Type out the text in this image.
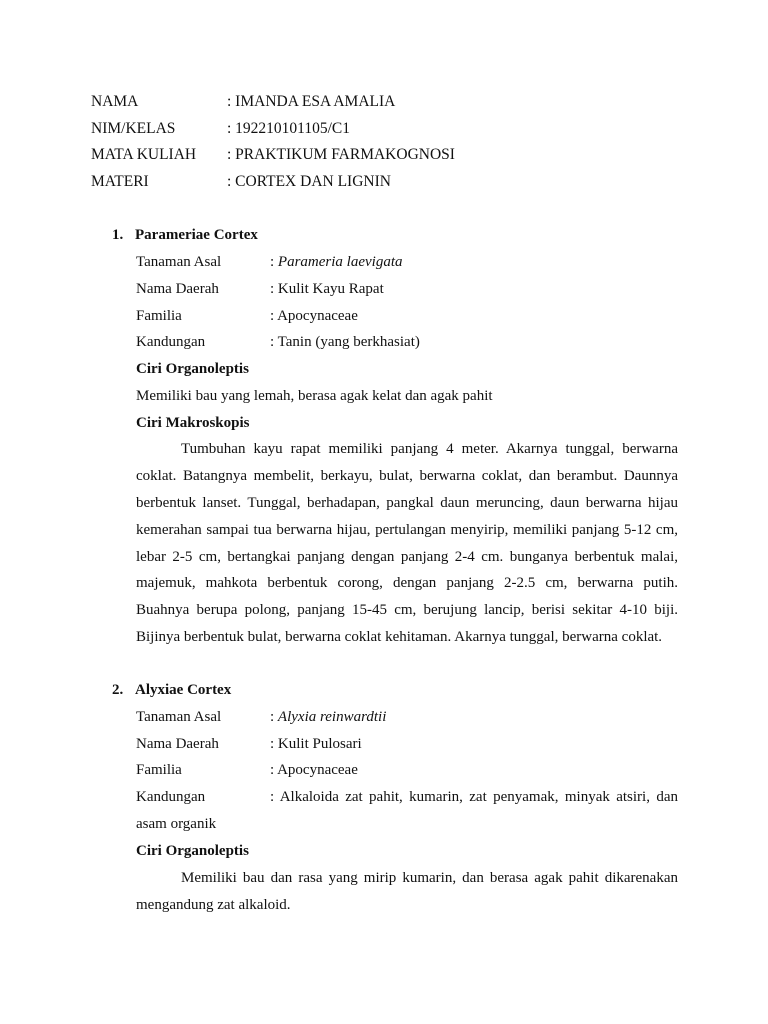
NAMA	: IMANDA ESA AMALIA
NIM/KELAS	: 192210101105/C1
MATA KULIAH : PRAKTIKUM FARMAKOGNOSI
MATERI	: CORTEX DAN LIGNIN
1. Parameriae Cortex
Tanaman Asal	: Parameria laevigata
Nama Daerah	: Kulit Kayu Rapat
Familia	: Apocynaceae
Kandungan	: Tanin (yang berkhasiat)
Ciri Organoleptis
Memiliki bau yang lemah, berasa agak kelat dan agak pahit
Ciri Makroskopis
Tumbuhan kayu rapat memiliki panjang 4 meter. Akarnya tunggal, berwarna
coklat. Batangnya membelit, berkayu, bulat, berwarna coklat, dan berambut. Daunnya
berbentuk lanset. Tunggal, berhadapan, pangkal daun meruncing, daun berwarna hijau
kemerahan sampai tua berwarna hijau, pertulangan menyirip, memiliki panjang 5-12 cm,
lebar 2-5 cm, bertangkai panjang dengan panjang 2-4 cm. bunganya berbentuk malai,
majemuk, mahkota berbentuk corong, dengan panjang 2-2.5 cm, berwarna putih.
Buahnya berupa polong, panjang 15-45 cm, berujung lancip, berisi sekitar 4-10 biji.
Bijinya berbentuk bulat, berwarna coklat kehitaman. Akarnya tunggal, berwarna coklat.
2. Alyxiae Cortex
Tanaman Asal	: Alyxia reinwardtii
Nama Daerah	: Kulit Pulosari
Familia	: Apocynaceae
Kandungan	: Alkaloida zat pahit, kumarin, zat penyamak, minyak atsiri, dan
asam organik
Ciri Organoleptis
Memiliki bau dan rasa yang mirip kumarin, dan berasa agak pahit dikarenakan
mengandung zat alkaloid.
